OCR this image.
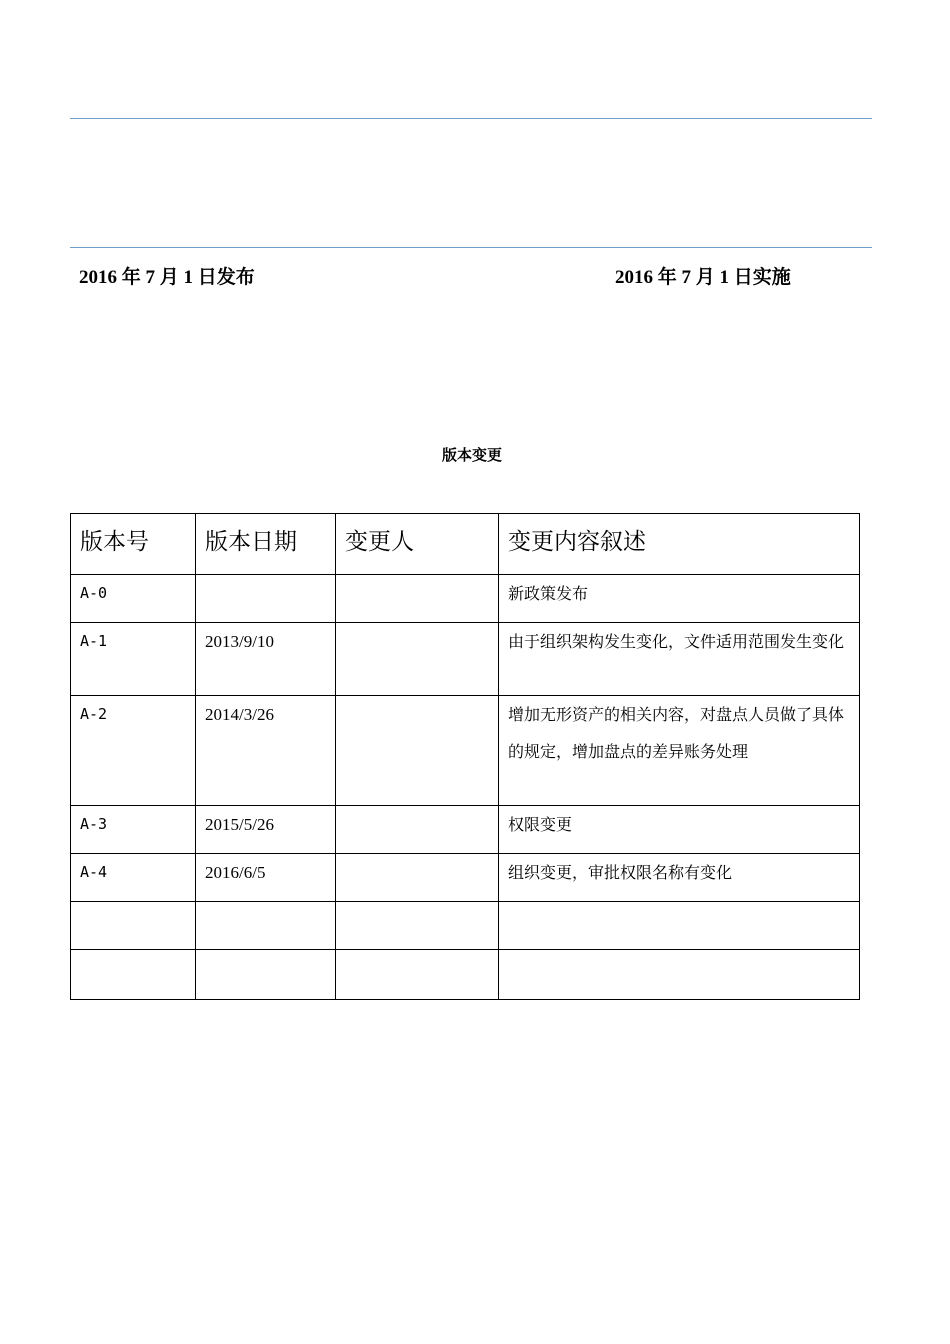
2016 年 7 月 1 日发布	2016 年 7 月 1 日实施
版本变更
版本号	版本日期	变更人	变更内容叙述
A-0			新政策发布
A-1	2013/9/10		由于组织架构发生变化，文件适用范围发生变化
A-2	2014/3/26		增加无形资产的相关内容，对盘点人员做了具体的规定，增加盘点的差异账务处理
A-3	2015/5/26		权限变更
A-4	2016/6/5		组织变更，审批权限名称有变化
